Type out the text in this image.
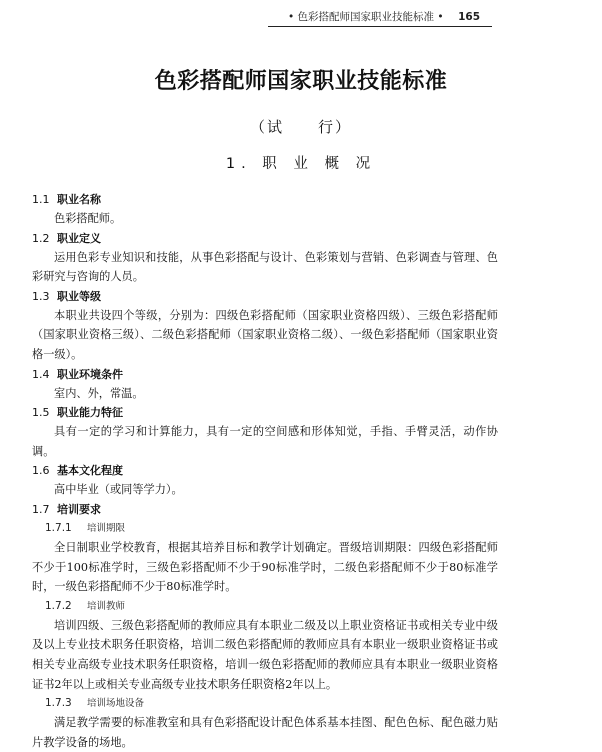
• 色彩搭配师国家职业技能标准 • 165
色彩搭配师国家职业技能标准
（试　　行）
1. 职 业 概 况
1.1 职业名称

色彩搭配师。

1.2 职业定义

运用色彩专业知识和技能，从事色彩搭配与设计、色彩策划与营销、色彩调查与管理、色彩研究与咨询的人员。

1.3 职业等级

本职业共设四个等级，分别为：四级色彩搭配师（国家职业资格四级）、三级色彩搭配师（国家职业资格三级）、二级色彩搭配师（国家职业资格二级）、一级色彩搭配师（国家职业资格一级）。

1.4 职业环境条件

室内、外，常温。

1.5 职业能力特征

具有一定的学习和计算能力，具有一定的空间感和形体知觉，手指、手臂灵活，动作协调。

1.6 基本文化程度

高中毕业（或同等学力）。

1.7 培训要求
1.7.1 培训期限

全日制职业学校教育，根据其培养目标和教学计划确定。晋级培训期限：四级色彩搭配师不少于100标准学时，三级色彩搭配师不少于90标准学时，二级色彩搭配师不少于80标准学时，一级色彩搭配师不少于80标准学时。

1.7.2 培训教师

培训四级、三级色彩搭配师的教师应具有本职业二级及以上职业资格证书或相关专业中级及以上专业技术职务任职资格，培训二级色彩搭配师的教师应具有本职业一级职业资格证书或相关专业高级专业技术职务任职资格，培训一级色彩搭配师的教师应具有本职业一级职业资格证书2年以上或相关专业高级专业技术职务任职资格2年以上。

1.7.3 培训场地设备

满足教学需要的标准教室和具有色彩搭配设计配色体系基本挂图、配色色标、配色磁力贴片教学设备的场地。
